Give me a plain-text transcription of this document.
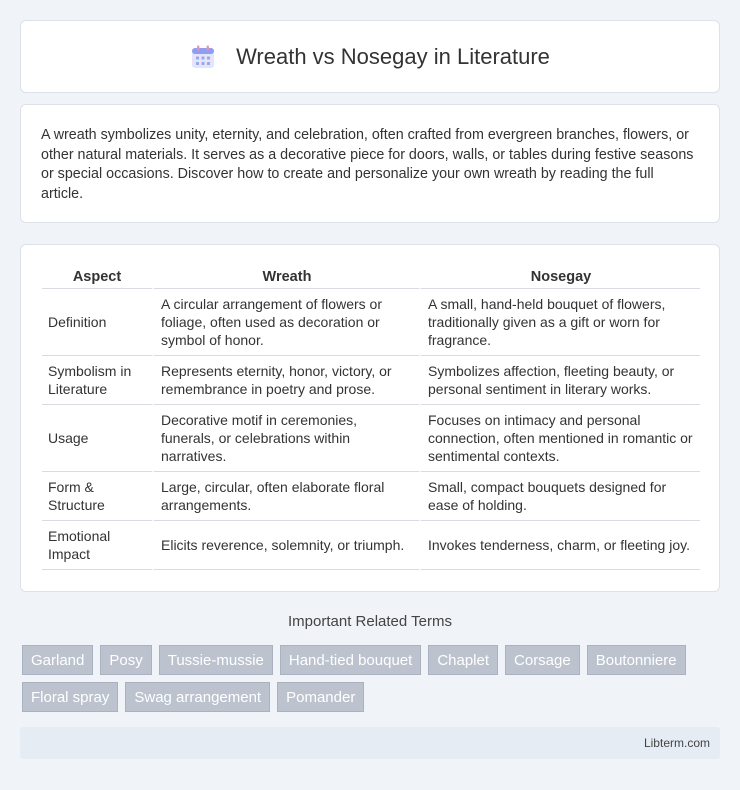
Wreath vs Nosegay in Literature

A wreath symbolizes unity, eternity, and celebration, often crafted from evergreen branches, flowers, or other natural materials. It serves as a decorative piece for doors, walls, or tables during festive seasons or special occasions. Discover how to create and personalize your own wreath by reading the full article.

Aspect	Wreath	Nosegay
Definition	A circular arrangement of flowers or foliage, often used as decoration or symbol of honor.	A small, hand-held bouquet of flowers, traditionally given as a gift or worn for fragrance.
Symbolism in Literature	Represents eternity, honor, victory, or remembrance in poetry and prose.	Symbolizes affection, fleeting beauty, or personal sentiment in literary works.
Usage	Decorative motif in ceremonies, funerals, or celebrations within narratives.	Focuses on intimacy and personal connection, often mentioned in romantic or sentimental contexts.
Form & Structure	Large, circular, often elaborate floral arrangements.	Small, compact bouquets designed for ease of holding.
Emotional Impact	Elicits reverence, solemnity, or triumph.	Invokes tenderness, charm, or fleeting joy.
Important Related Terms
Garland	Posy	Tussie-mussie	Hand-tied bouquet	Chaplet	Corsage	Boutonniere
Floral spray	Swag arrangement	Pomander
Libterm.com
